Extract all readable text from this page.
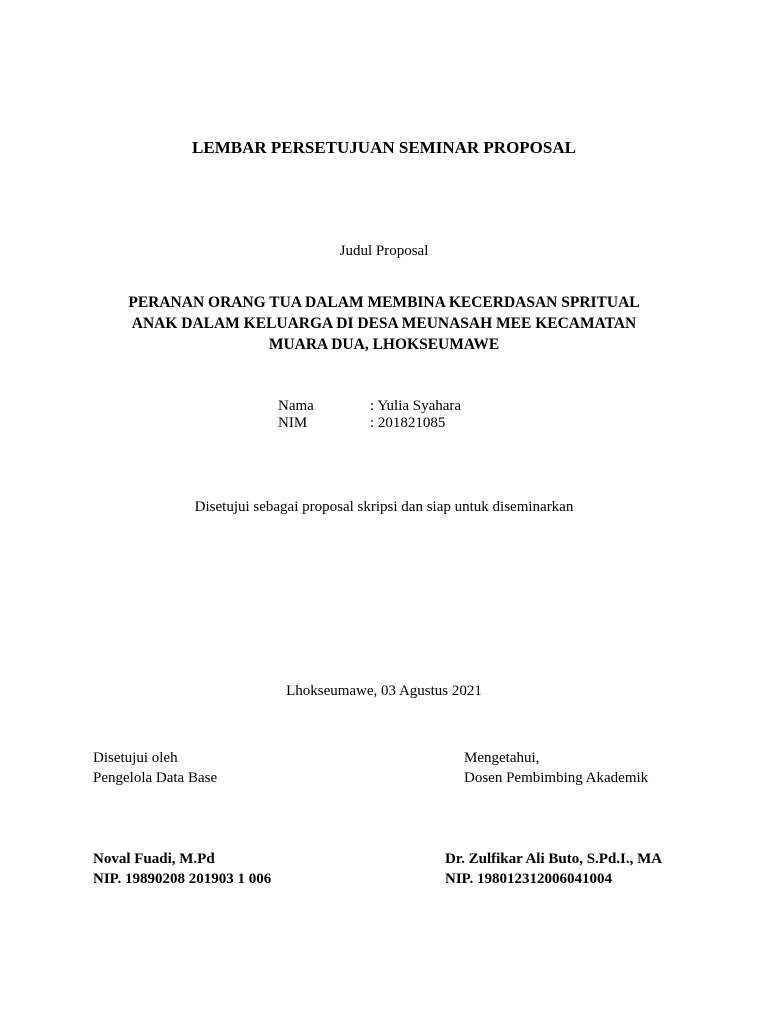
LEMBAR PERSETUJUAN SEMINAR PROPOSAL
Judul Proposal
PERANAN ORANG TUA DALAM MEMBINA KECERDASAN SPRITUAL
ANAK DALAM KELUARGA DI DESA MEUNASAH MEE KECAMATAN
MUARA DUA, LHOKSEUMAWE
Nama	: Yulia Syahara
NIM	: 201821085
Disetujui sebagai proposal skripsi dan siap untuk diseminarkan
Lhokseumawe, 03 Agustus 2021
Disetujui oleh
Pengelola Data Base
Mengetahui,
Dosen Pembimbing Akademik
Noval Fuadi, M.Pd
NIP. 19890208 201903 1 006
Dr. Zulfikar Ali Buto, S.Pd.I., MA
NIP. 198012312006041004
